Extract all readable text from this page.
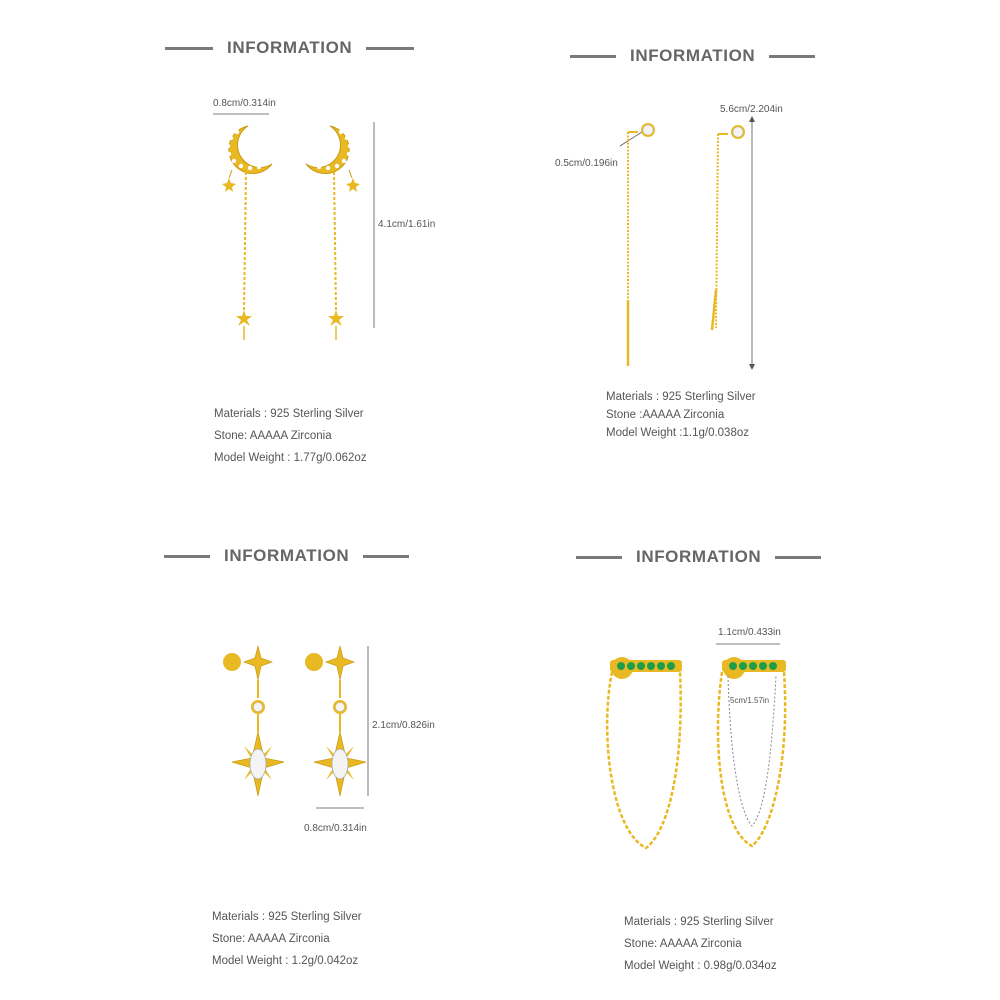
INFORMATION
0.8cm/0.314in
4.1cm/1.61in
Materials : 925 Sterling Silver
Stone: AAAAA Zirconia
Model Weight : 1.77g/0.062oz
INFORMATION
0.5cm/0.196in
5.6cm/2.204in
Materials : 925 Sterling Silver
Stone :AAAAA Zirconia
Model Weight :1.1g/0.038oz
INFORMATION
2.1cm/0.826in
0.8cm/0.314in
Materials : 925 Sterling Silver
Stone: AAAAA Zirconia
Model Weight : 1.2g/0.042oz
INFORMATION
1.1cm/0.433in
5cm/1.57in
Materials : 925 Sterling Silver
Stone: AAAAA Zirconia
Model Weight : 0.98g/0.034oz
